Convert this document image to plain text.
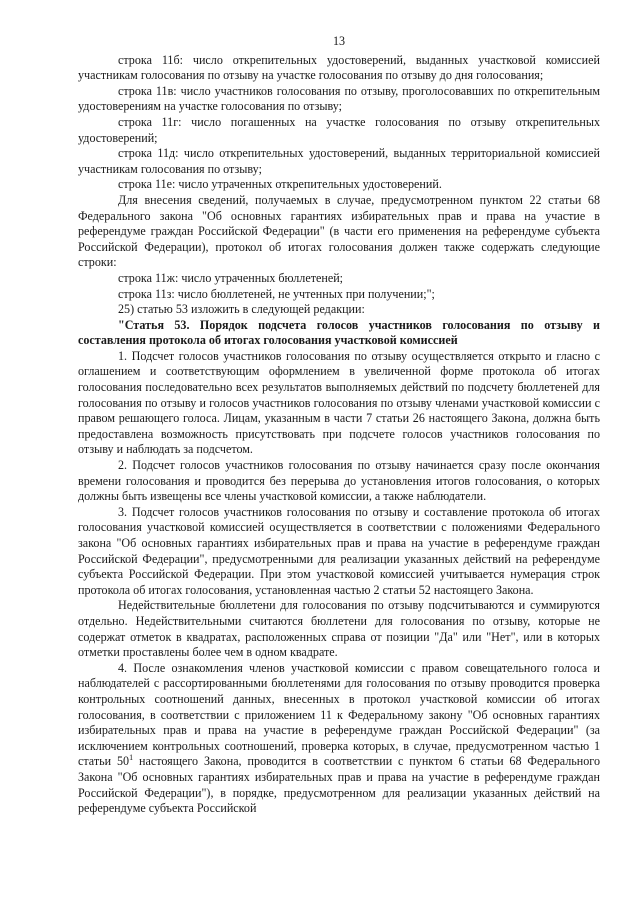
13

строка 11б: число открепительных удостоверений, выданных участковой комиссией участникам голосования по отзыву на участке голосования по отзыву до дня голосования;

строка 11в: число участников голосования по отзыву, проголосовавших по открепительным удостоверениям на участке голосования по отзыву;

строка 11г: число погашенных на участке голосования по отзыву открепительных удостоверений;

строка 11д: число открепительных удостоверений, выданных территориальной комиссией участникам голосования по отзыву;

строка 11е: число утраченных открепительных удостоверений.

Для внесения сведений, получаемых в случае, предусмотренном пунктом 22 статьи 68 Федерального закона "Об основных гарантиях избирательных прав и права на участие в референдуме граждан Российской Федерации" (в части его применения на референдуме субъекта Российской Федерации), протокол об итогах голосования должен также содержать следующие строки:

строка 11ж: число утраченных бюллетеней;

строка 11з: число бюллетеней, не учтенных при получении;";

25) статью 53 изложить в следующей редакции:

"Статья 53. Порядок подсчета голосов участников голосования по отзыву и составления протокола об итогах голосования участковой комиссией

1. Подсчет голосов участников голосования по отзыву осуществляется открыто и гласно с оглашением и соответствующим оформлением в увеличенной форме протокола об итогах голосования последовательно всех результатов выполняемых действий по подсчету бюллетеней для голосования по отзыву и голосов участников голосования по отзыву членами участковой комиссии с правом решающего голоса. Лицам, указанным в части 7 статьи 26 настоящего Закона, должна быть предоставлена возможность присутствовать при подсчете голосов участников голосования по отзыву и наблюдать за подсчетом.

2. Подсчет голосов участников голосования по отзыву начинается сразу после окончания времени голосования и проводится без перерыва до установления итогов голосования, о которых должны быть извещены все члены участковой комиссии, а также наблюдатели.

3. Подсчет голосов участников голосования по отзыву и составление протокола об итогах голосования участковой комиссией осуществляется в соответствии с положениями Федерального закона "Об основных гарантиях избирательных прав и права на участие в референдуме граждан Российской Федерации", предусмотренными для реализации указанных действий на референдуме субъекта Российской Федерации. При этом участковой комиссией учитывается нумерация строк протокола об итогах голосования, установленная частью 2 статьи 52 настоящего Закона.

Недействительные бюллетени для голосования по отзыву подсчитываются и суммируются отдельно. Недействительными считаются бюллетени для голосования по отзыву, которые не содержат отметок в квадратах, расположенных справа от позиции "Да" или "Нет", или в которых отметки проставлены более чем в одном квадрате.

4. После ознакомления членов участковой комиссии с правом совещательного голоса и наблюдателей с рассортированными бюллетенями для голосования по отзыву проводится проверка контрольных соотношений данных, внесенных в протокол участковой комиссии об итогах голосования, в соответствии с приложением 11 к Федеральному закону "Об основных гарантиях избирательных прав и права на участие в референдуме граждан Российской Федерации" (за исключением контрольных соотношений, проверка которых, в случае, предусмотренном частью 1 статьи $50^1$ настоящего Закона, проводится в соответствии с пунктом 6 статьи 68 Федерального Закона "Об основных гарантиях избирательных прав и права на участие в референдуме граждан Российской Федерации"), в порядке, предусмотренном для реализации указанных действий на референдуме субъекта Российской
